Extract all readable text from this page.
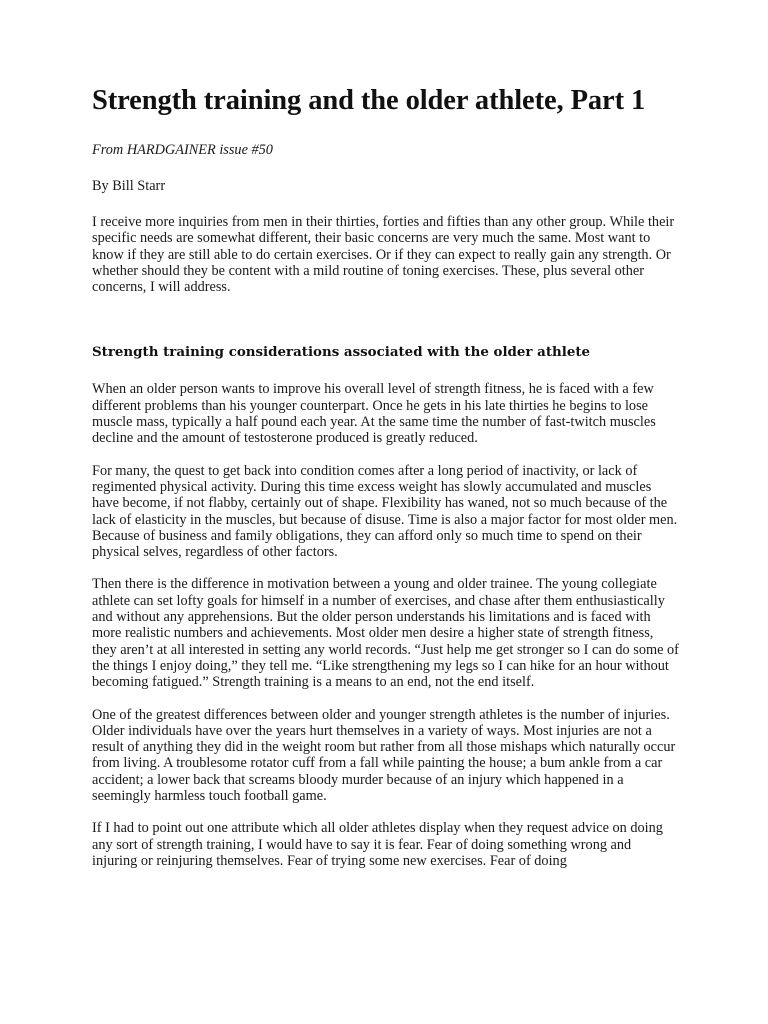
Strength training and the older athlete, Part 1
From HARDGAINER issue #50
By Bill Starr

I receive more inquiries from men in their thirties, forties and fifties than any other group. While their specific needs are somewhat different, their basic concerns are very much the same. Most want to know if they are still able to do certain exercises. Or if they can expect to really gain any strength. Or whether should they be content with a mild routine of toning exercises. These, plus several other concerns, I will address.

Strength training considerations associated with the older athlete

When an older person wants to improve his overall level of strength fitness, he is faced with a few different problems than his younger counterpart. Once he gets in his late thirties he begins to lose muscle mass, typically a half pound each year. At the same time the number of fast-twitch muscles decline and the amount of testosterone produced is greatly reduced.

For many, the quest to get back into condition comes after a long period of inactivity, or lack of regimented physical activity. During this time excess weight has slowly accumulated and muscles have become, if not flabby, certainly out of shape. Flexibility has waned, not so much because of the lack of elasticity in the muscles, but because of disuse. Time is also a major factor for most older men. Because of business and family obligations, they can afford only so much time to spend on their physical selves, regardless of other factors.

Then there is the difference in motivation between a young and older trainee. The young collegiate athlete can set lofty goals for himself in a number of exercises, and chase after them enthusiastically and without any apprehensions. But the older person understands his limitations and is faced with more realistic numbers and achievements. Most older men desire a higher state of strength fitness, they aren’t at all interested in setting any world records. “Just help me get stronger so I can do some of the things I enjoy doing,” they tell me. “Like strengthening my legs so I can hike for an hour without becoming fatigued.” Strength training is a means to an end, not the end itself.

One of the greatest differences between older and younger strength athletes is the number of injuries. Older individuals have over the years hurt themselves in a variety of ways. Most injuries are not a result of anything they did in the weight room but rather from all those mishaps which naturally occur from living. A troublesome rotator cuff from a fall while painting the house; a bum ankle from a car accident; a lower back that screams bloody murder because of an injury which happened in a seemingly harmless touch football game.

If I had to point out one attribute which all older athletes display when they request advice on doing any sort of strength training, I would have to say it is fear. Fear of doing something wrong and injuring or reinjuring themselves. Fear of trying some new exercises. Fear of doing
